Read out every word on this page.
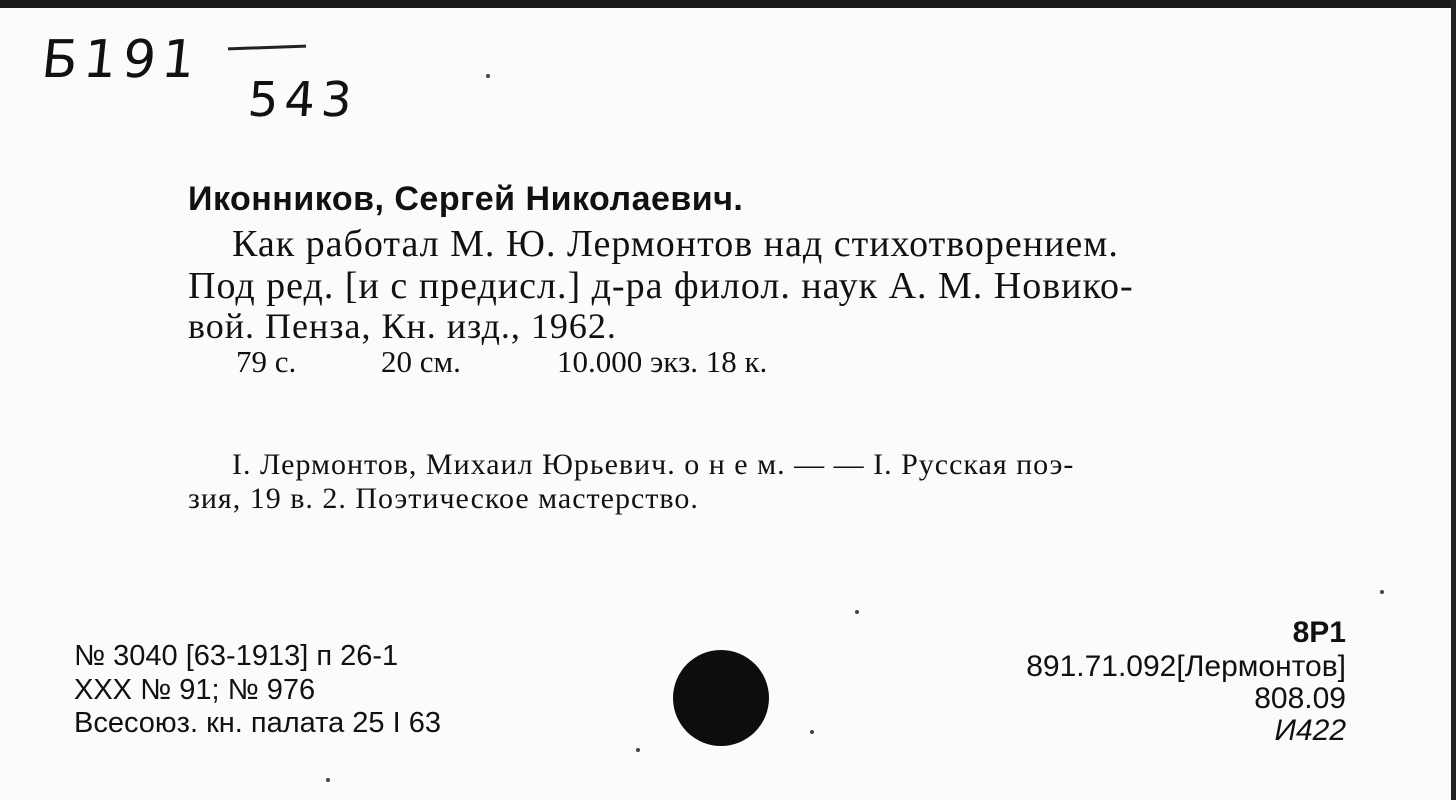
Б191
543
Иконников, Сергей Николаевич.
Как работал М. Ю. Лермонтов над стихотворением.
Под ред. [и с предисл.] д-ра филол. наук А. М. Новико-
вой. Пенза, Кн. изд., 1962.
79 с.	20 см.	10.000 экз. 18 к.
I. Лермонтов, Михаил Юрьевич. о н е м. — — I. Русская поэ-
зия, 19 в. 2. Поэтическое мастерство.
№ 3040 [63-1913] п 26-1
XXX № 91; № 976
Всесоюз. кн. палата 25 I 63
8Р1
891.71.092[Лермонтов]
808.09
И422
